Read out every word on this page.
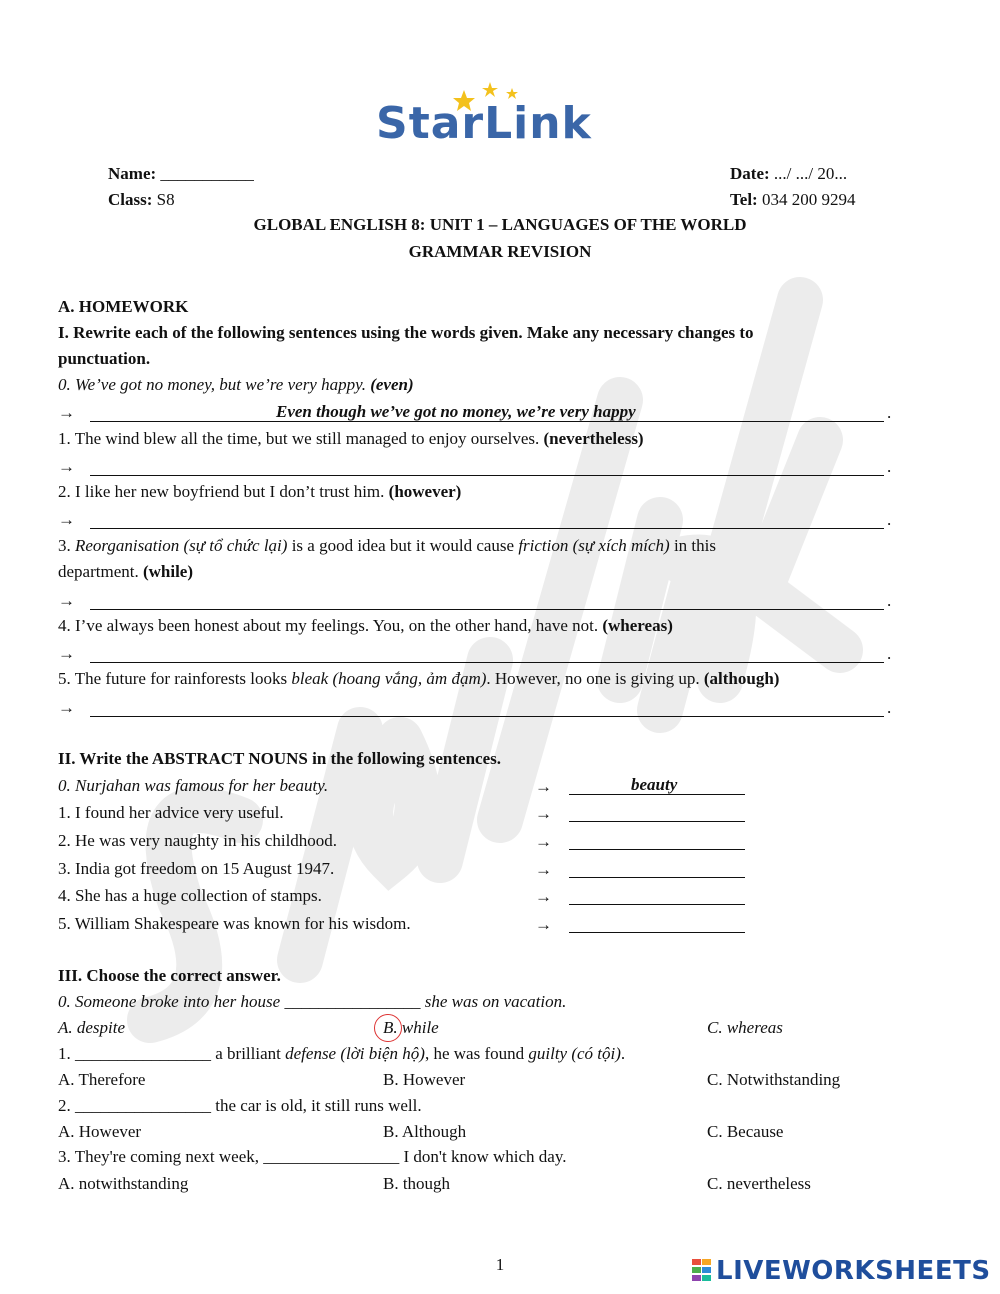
StarLink
Name: ___________
Class: S8
Date: .../ .../ 20...
Tel: 034 200 9294
GLOBAL ENGLISH 8: UNIT 1 – LANGUAGES OF THE WORLD
GRAMMAR REVISION
A. HOMEWORK
I. Rewrite each of the following sentences using the words given. Make any necessary changes to
punctuation.
0. We’ve got no money, but we’re very happy. (even)
→	Even though we’ve got no money, we’re very happy	.
1. The wind blew all the time, but we still managed to enjoy ourselves. (nevertheless)
→	.
2. I like her new boyfriend but I don’t trust him. (however)
→	.
3. Reorganisation (sự tổ chức lại) is a good idea but it would cause friction (sự xích mích) in this
department. (while)
→	.
4. I’ve always been honest about my feelings. You, on the other hand, have not. (whereas)
→	.
5. The future for rainforests looks bleak (hoang vắng, ảm đạm). However, no one is giving up. (although)
→	.
II. Write the ABSTRACT NOUNS in the following sentences.
0. Nurjahan was famous for her beauty.	→	beauty
1. I found her advice very useful.	→
2. He was very naughty in his childhood.	→
3. India got freedom on 15 August 1947.	→
4. She has a huge collection of stamps.	→
5. William Shakespeare was known for his wisdom.	→
III. Choose the correct answer.
0. Someone broke into her house ________________ she was on vacation.
A. despite	B. while	C. whereas
1. ________________ a brilliant defense (lời biện hộ), he was found guilty (có tội).
A. Therefore	B. However	C. Notwithstanding
2. ________________ the car is old, it still runs well.
A. However	B. Although	C. Because
3. They're coming next week, ________________ I don't know which day.
A. notwithstanding	B. though	C. nevertheless
1	LIVEWORKSHEETS
